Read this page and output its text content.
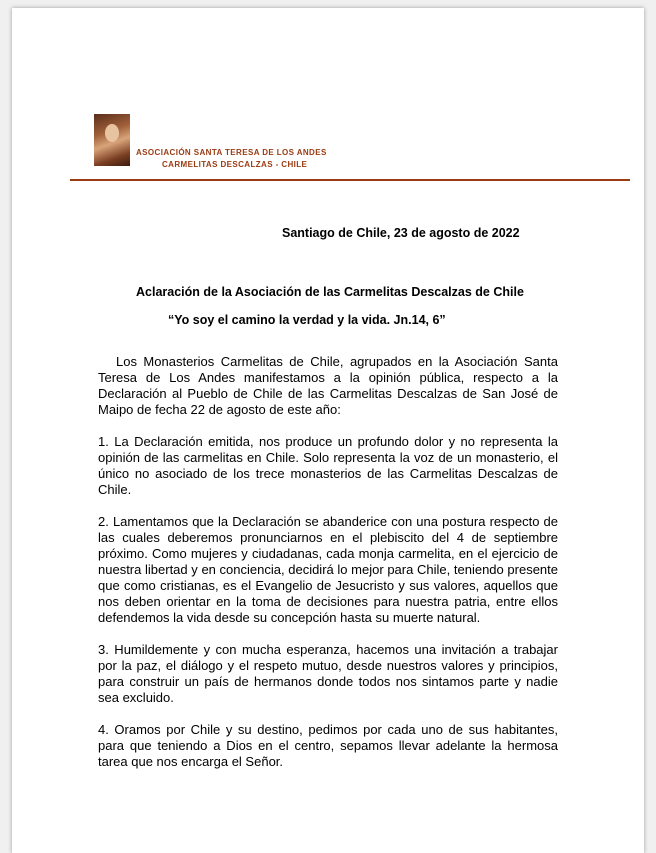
ASOCIACIÓN SANTA TERESA DE LOS ANDES
CARMELITAS DESCALZAS - CHILE
Santiago de Chile, 23 de agosto de 2022
Aclaración de la Asociación de las Carmelitas Descalzas de Chile
“Yo soy el camino la verdad y la vida. Jn.14, 6”

Los Monasterios Carmelitas de Chile, agrupados en la Asociación Santa Teresa de Los Andes manifestamos a la opinión pública, respecto a la Declaración al Pueblo de Chile de las Carmelitas Descalzas de San José de Maipo de fecha 22 de agosto de este año:

1. La Declaración emitida, nos produce un profundo dolor y no representa la opinión de las carmelitas en Chile. Solo representa la voz de un monasterio, el único no asociado de los trece monasterios de las Carmelitas Descalzas de Chile.

2. Lamentamos que la Declaración se abanderice con una postura respecto de las cuales deberemos pronunciarnos en el plebiscito del 4 de septiembre próximo. Como mujeres y ciudadanas, cada monja carmelita, en el ejercicio de nuestra libertad y en conciencia, decidirá lo mejor para Chile, teniendo presente que como cristianas, es el Evangelio de Jesucristo y sus valores, aquellos que nos deben orientar en la toma de decisiones para nuestra patria, entre ellos defendemos la vida desde su concepción hasta su muerte natural.

3. Humildemente y con mucha esperanza, hacemos una invitación a trabajar por la paz, el diálogo y el respeto mutuo, desde nuestros valores y principios, para construir un país de hermanos donde todos nos sintamos parte y nadie sea excluido.

4. Oramos por Chile y su destino, pedimos por cada uno de sus habitantes, para que teniendo a Dios en el centro, sepamos llevar adelante la hermosa tarea que nos encarga el Señor.
